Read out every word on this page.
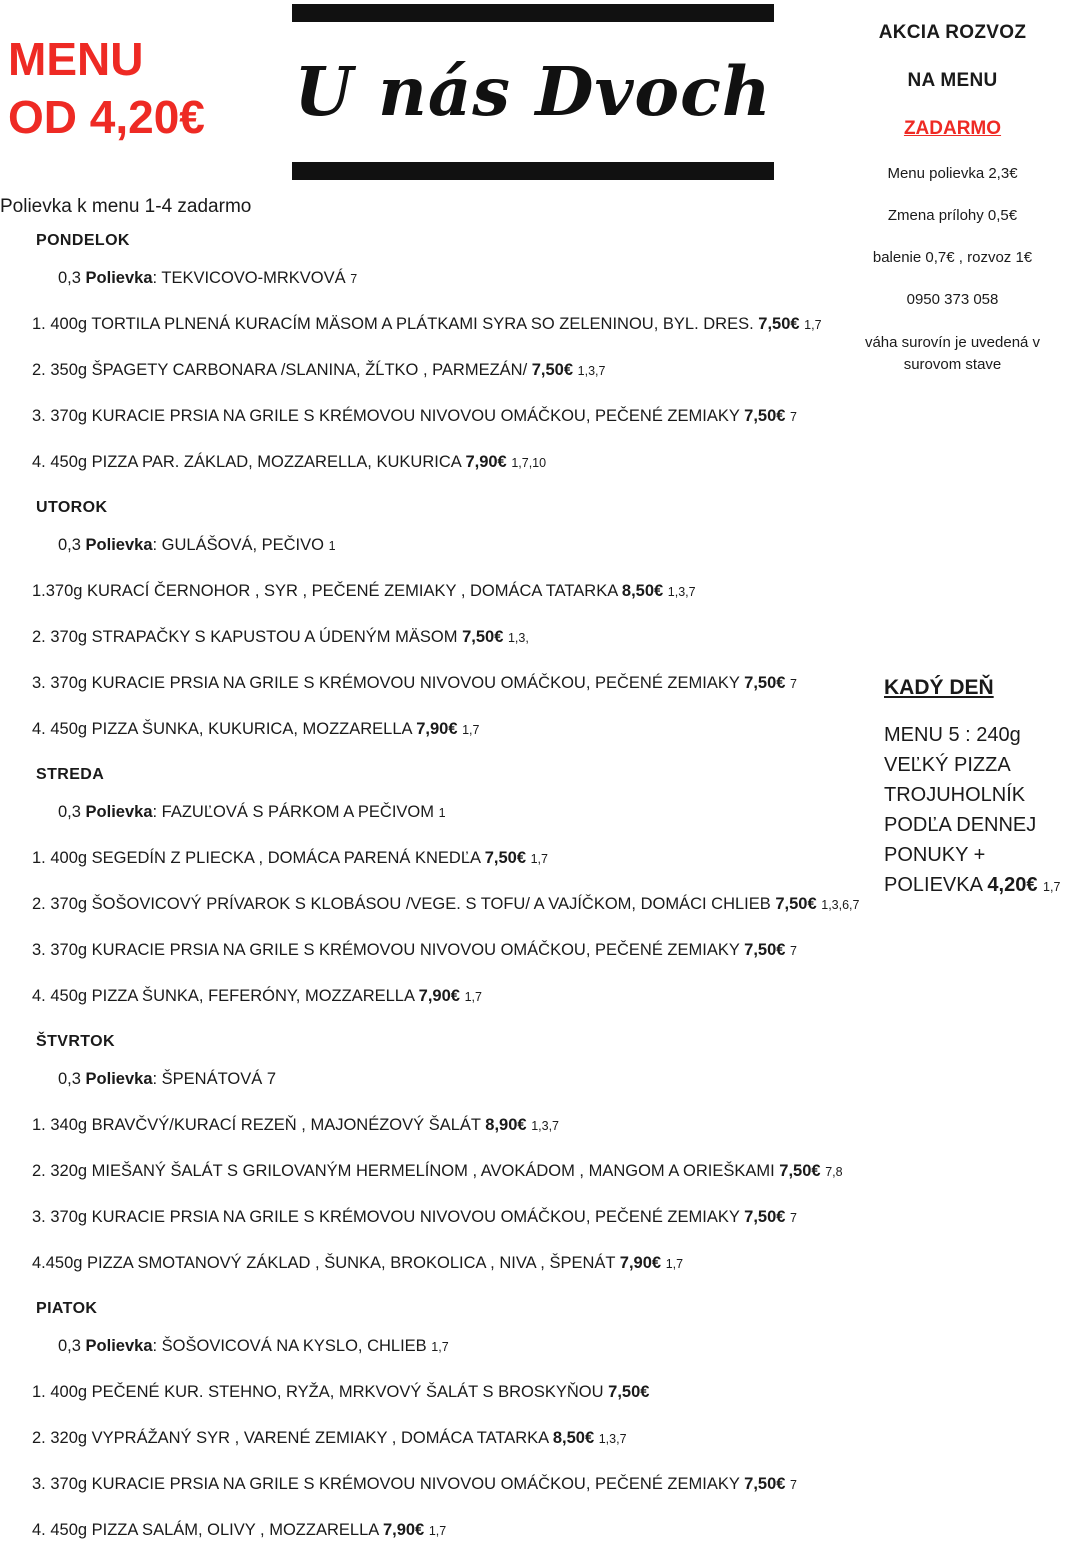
MENU
OD 4,20€
Polievka k menu 1-4 zadarmo
U nás Dvoch
AKCIA ROZVOZ
NA MENU
ZADARMO
Menu polievka 2,3€
Zmena prílohy 0,5€
balenie 0,7€ , rozvoz 1€
0950 373 058
váha surovín je uvedená v surovom stave
KADÝ DEŇ
MENU 5 : 240g VEĽKÝ PIZZA TROJUHOLNÍK PODĽA DENNEJ PONUKY + POLIEVKA 4,20€ 1,7
PONDELOK
0,3 Polievka: TEKVICOVO-MRKVOVÁ 7
1. 400g TORTILA PLNENÁ KURACÍM MÄSOM A PLÁTKAMI SYRA SO ZELENINOU, BYL. DRES. 7,50€ 1,7
2. 350g ŠPAGETY CARBONARA /SLANINA, ŽĹTKO , PARMEZÁN/ 7,50€ 1,3,7
3. 370g KURACIE PRSIA NA GRILE S KRÉMOVOU NIVOVOU OMÁČKOU, PEČENÉ ZEMIAKY 7,50€ 7
4. 450g PIZZA PAR. ZÁKLAD, MOZZARELLA, KUKURICA 7,90€ 1,7,10
UTOROK
0,3 Polievka: GULÁŠOVÁ, PEČIVO 1
1.370g KURACÍ ČERNOHOR , SYR , PEČENÉ ZEMIAKY , DOMÁCA TATARKA 8,50€ 1,3,7
2. 370g STRAPAČKY S KAPUSTOU A ÚDENÝM MÄSOM 7,50€ 1,3,
3. 370g KURACIE PRSIA NA GRILE S KRÉMOVOU NIVOVOU OMÁČKOU, PEČENÉ ZEMIAKY 7,50€ 7
4. 450g PIZZA ŠUNKA, KUKURICA, MOZZARELLA 7,90€ 1,7
STREDA
0,3 Polievka: FAZUĽOVÁ S PÁRKOM A PEČIVOM 1
1. 400g SEGEDÍN Z PLIECKA , DOMÁCA PARENÁ KNEDĽA 7,50€ 1,7
2. 370g ŠOŠOVICOVÝ PRÍVAROK S KLOBÁSOU /VEGE. S TOFU/ A VAJÍČKOM, DOMÁCI CHLIEB 7,50€ 1,3,6,7
3. 370g KURACIE PRSIA NA GRILE S KRÉMOVOU NIVOVOU OMÁČKOU, PEČENÉ ZEMIAKY 7,50€ 7
4. 450g PIZZA ŠUNKA, FEFERÓNY, MOZZARELLA 7,90€ 1,7
ŠTVRTOK
0,3 Polievka: ŠPENÁTOVÁ 7
1. 340g BRAVČVÝ/KURACÍ REZEŇ , MAJONÉZOVÝ ŠALÁT 8,90€ 1,3,7
2. 320g MIEŠANÝ ŠALÁT S GRILOVANÝM HERMELÍNOM , AVOKÁDOM , MANGOM A ORIEŠKAMI 7,50€ 7,8
3. 370g KURACIE PRSIA NA GRILE S KRÉMOVOU NIVOVOU OMÁČKOU, PEČENÉ ZEMIAKY 7,50€ 7
4.450g PIZZA SMOTANOVÝ ZÁKLAD , ŠUNKA, BROKOLICA , NIVA , ŠPENÁT 7,90€ 1,7
PIATOK
0,3 Polievka: ŠOŠOVICOVÁ NA KYSLO, CHLIEB 1,7
1. 400g PEČENÉ KUR. STEHNO, RYŽA, MRKVOVÝ ŠALÁT S BROSKYŇOU 7,50€
2. 320g VYPRÁŽANÝ SYR , VARENÉ ZEMIAKY , DOMÁCA TATARKA 8,50€ 1,3,7
3. 370g KURACIE PRSIA NA GRILE S KRÉMOVOU NIVOVOU OMÁČKOU, PEČENÉ ZEMIAKY 7,50€ 7
4. 450g PIZZA SALÁM, OLIVY , MOZZARELLA 7,90€ 1,7
